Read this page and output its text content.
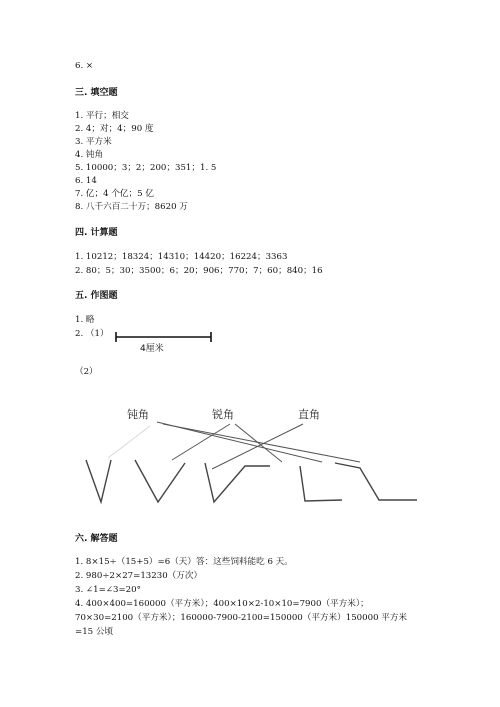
6. ×
三. 填空题
1. 平行；相交
2. 4；对；4；90 度
3. 平方米
4. 钝角
5. 10000；3；2；200；351；1. 5
6. 14
7. 亿；4 个亿；5 亿
8. 八千六百二十万；8620 万
四. 计算题
1. 10212；18324；14310；14420；16224；3363
2. 80；5；30；3500；6；20；906；770；7；60；840；16
五. 作图题
1. 略
2. （1）
（2）
4厘米
钝角	锐角	直角
六. 解答题
1. 8×15÷（15+5）=6（天）答：这些饲料能吃 6 天。
2. 980÷2×27=13230（万次）
3. ∠1=∠3=20°
4. 400×400=160000（平方米）；400×10×2-10×10=7900（平方米）；
70×30=2100（平方米）；160000-7900-2100=150000（平方米）150000 平方米
=15 公顷
